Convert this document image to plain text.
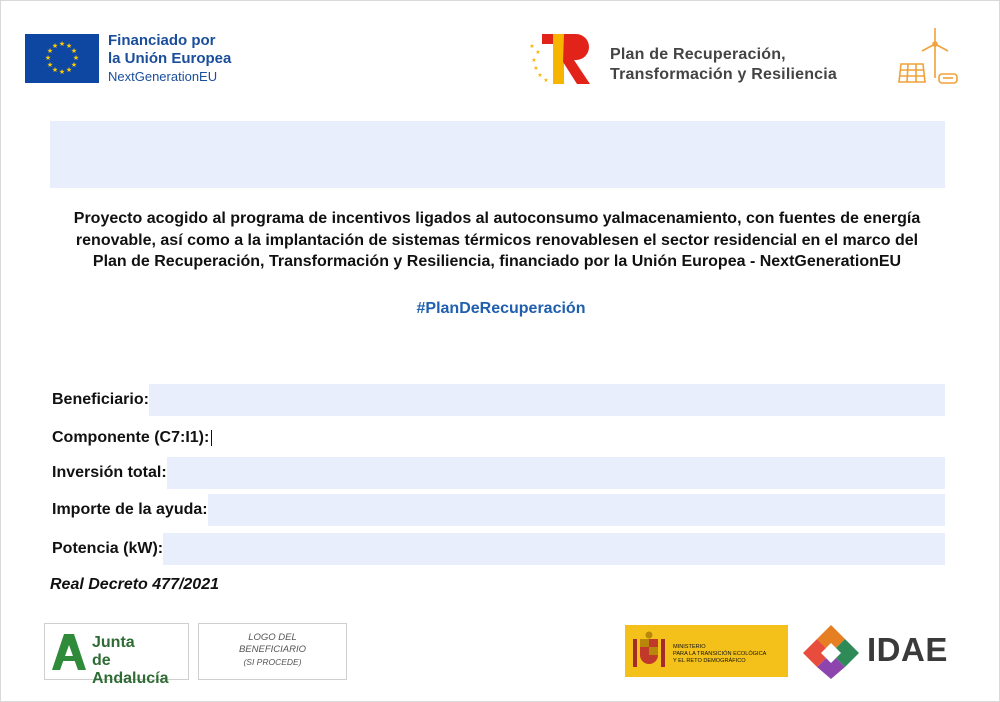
★ ★
★
★
★
★
★
★
★
★
★
★	Financiado por
la Unión Europea
NextGenerationEU
★
★
★
★
★
★	Plan de Recuperación,
Transformación y Resiliencia
Proyecto acogido al programa de incentivos ligados al autoconsumo yalmacenamiento, con fuentes de energía
renovable, así como a la implantación de sistemas térmicos renovablesen el sector residencial en el marco del
Plan de Recuperación, Transformación y Resiliencia, financiado por la Unión Europea - NextGenerationEU
#PlanDeRecuperación
Beneficiario:
Componente (C7:I1):
Inversión total:
Importe de la ayuda:
Potencia (kW):
Real Decreto 477/2021
Junta
de Andalucía
LOGO DEL
BENEFICIARIO
(SI PROCEDE)
MINISTERIO
PARA LA TRANSICIÓN ECOLÓGICA
Y EL RETO DEMOGRÁFICO	IDAE
